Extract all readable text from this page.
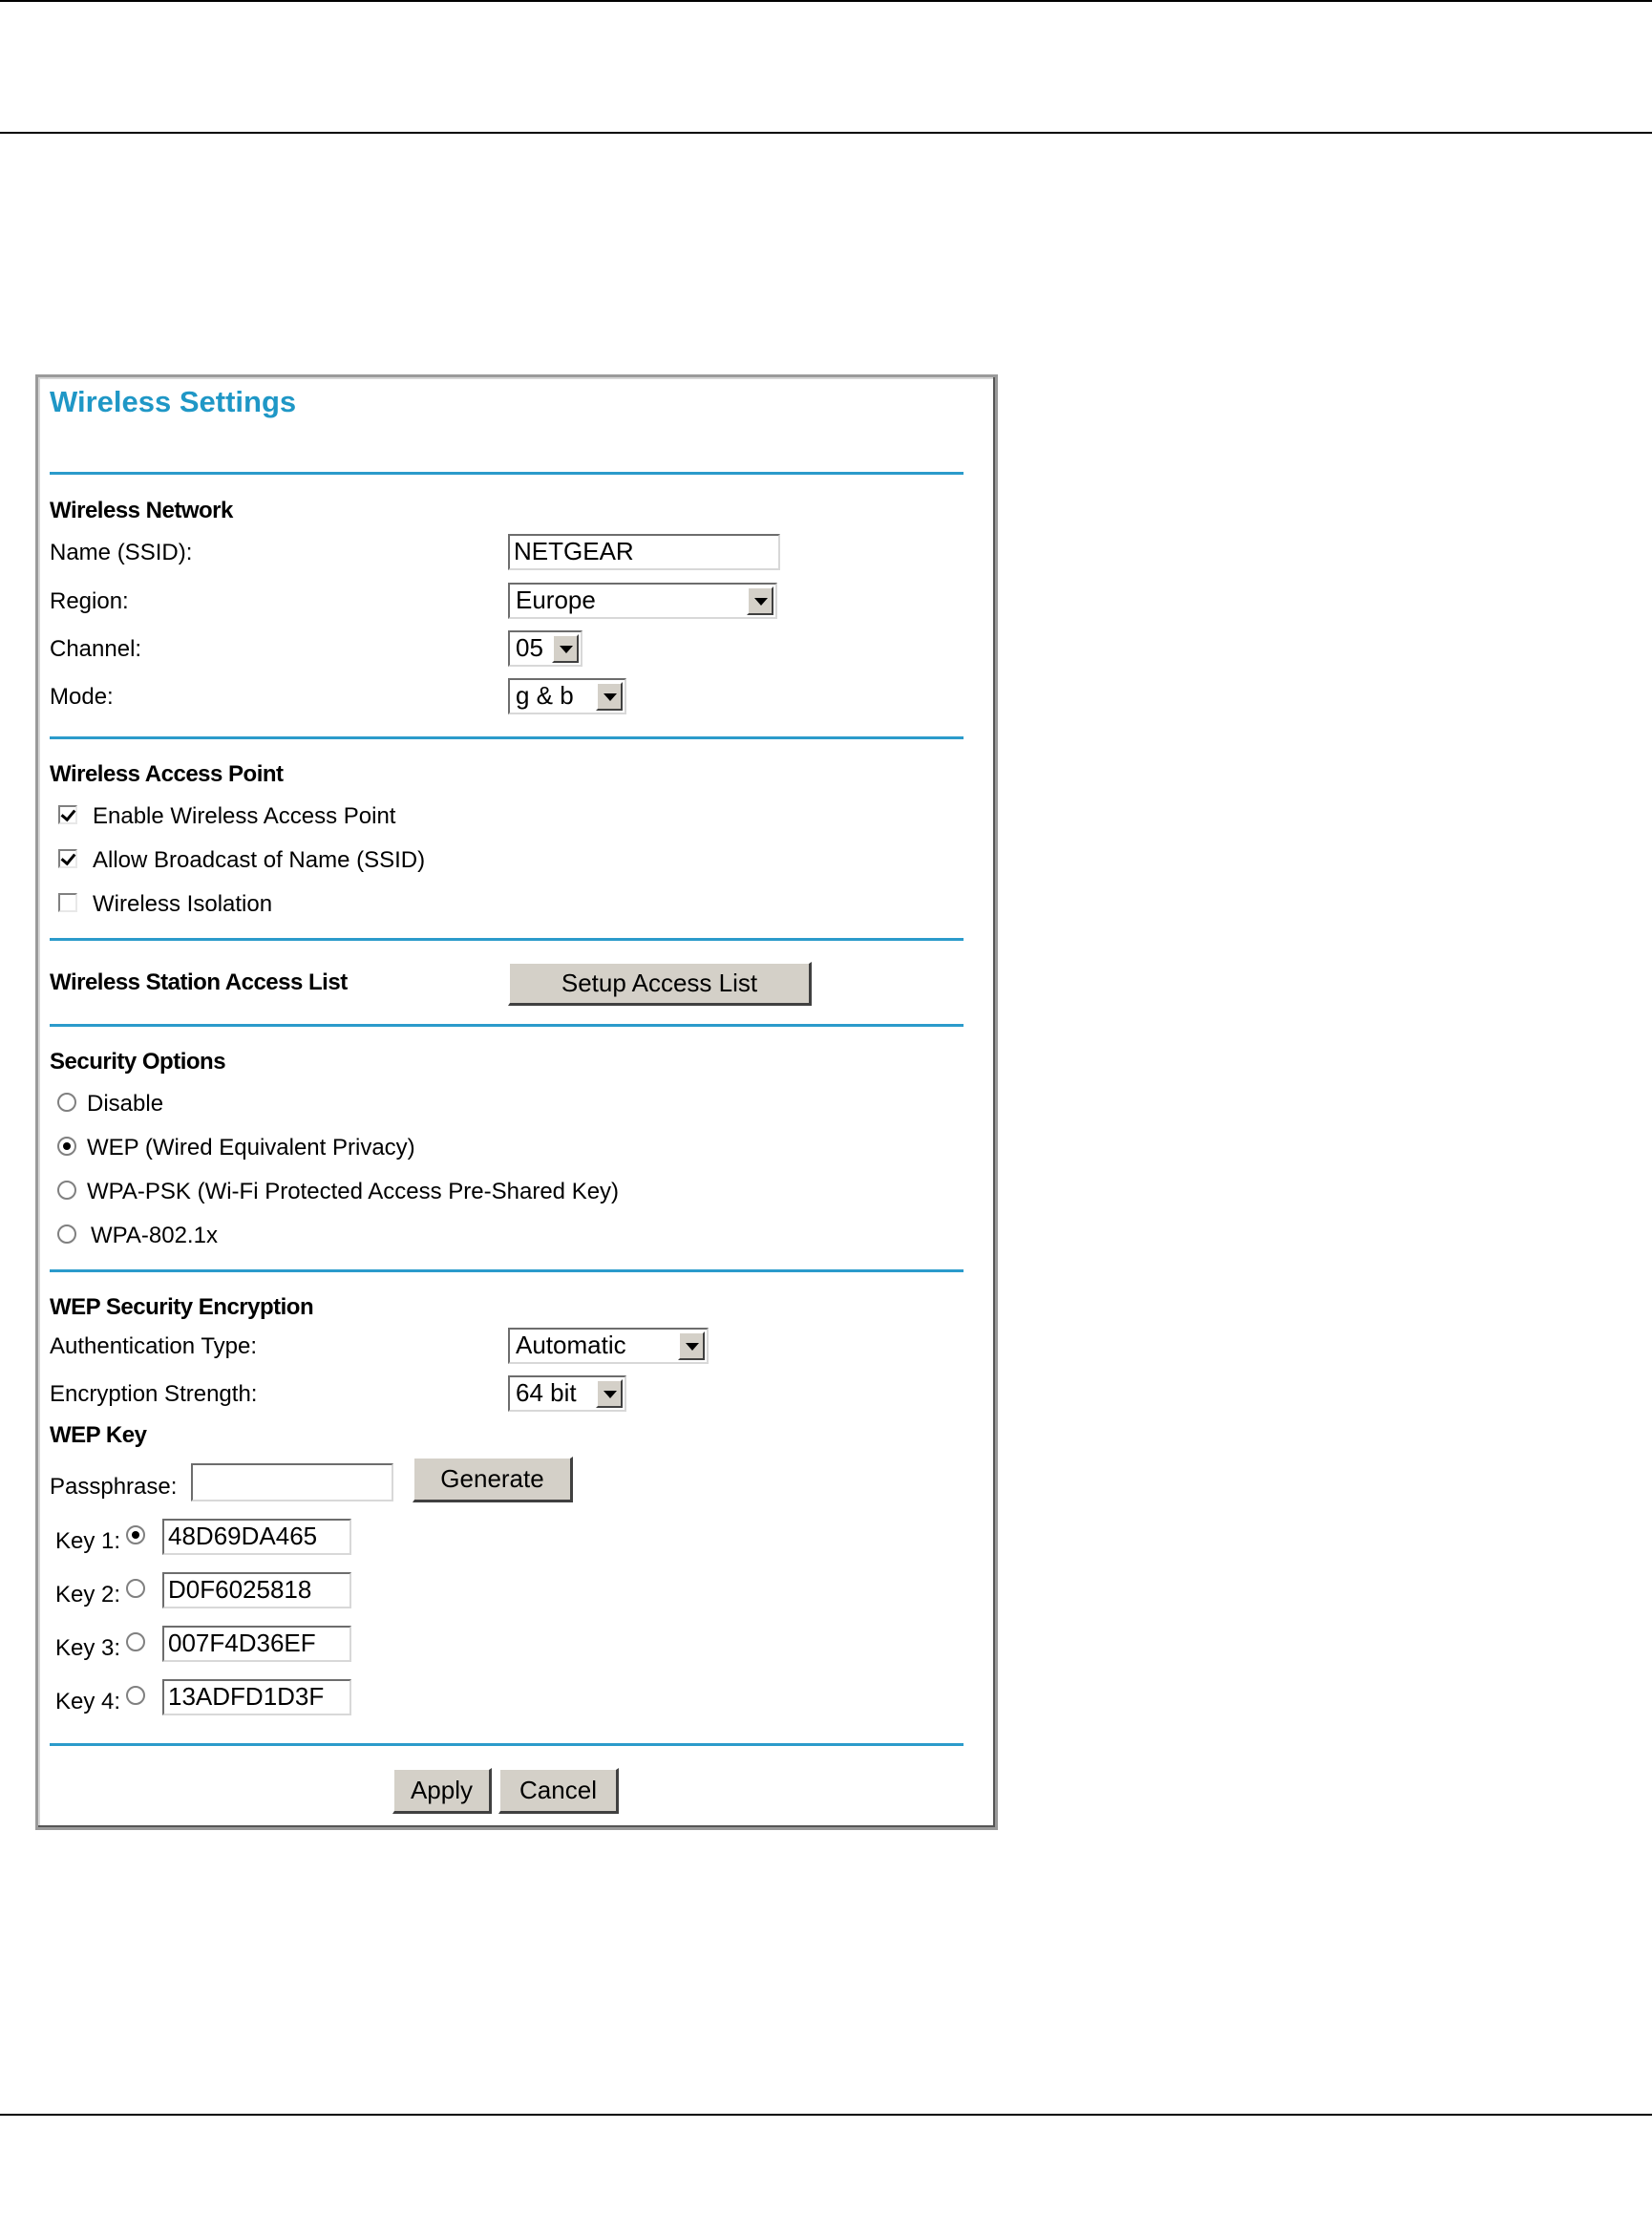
Wireless Settings
Wireless Network
Name (SSID):	NETGEAR
Region:	Europe
Channel:	05
Mode:	g & b
Wireless Access Point
Enable Wireless Access Point
Allow Broadcast of Name (SSID)
Wireless Isolation
Wireless Station Access List	Setup Access List
Security Options
Disable
WEP (Wired Equivalent Privacy)
WPA-PSK (Wi-Fi Protected Access Pre-Shared Key)
WPA-802.1x
WEP Security Encryption
Authentication Type:	Automatic
Encryption Strength:	64 bit
WEP Key
Passphrase:	Generate
Key 1: 48D69DA465
Key 2: D0F6025818
Key 3: 007F4D36EF
Key 4: 13ADFD1D3F
Apply	Cancel
